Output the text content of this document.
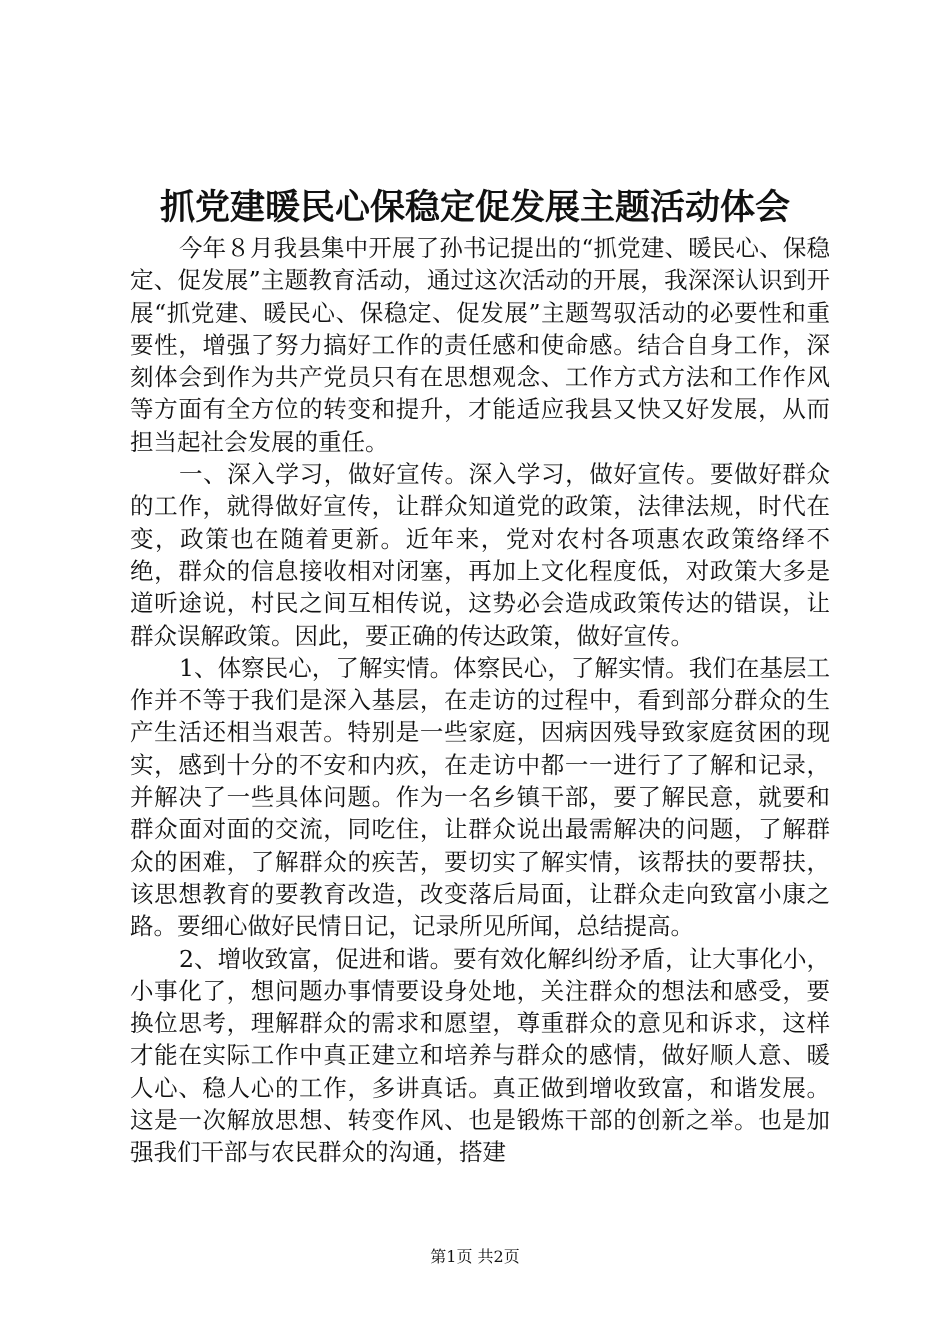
抓党建暖民心保稳定促发展主题活动体会

今年８月我县集中开展了孙书记提出的“抓党建、暖民心、保稳定、促发展”主题教育活动，通过这次活动的开展，我深深认识到开展“抓党建、暖民心、保稳定、促发展”主题驾驭活动的必要性和重要性，增强了努力搞好工作的责任感和使命感。结合自身工作，深刻体会到作为共产党员只有在思想观念、工作方式方法和工作作风等方面有全方位的转变和提升，才能适应我县又快又好发展，从而担当起社会发展的重任。

一、深入学习，做好宣传。深入学习，做好宣传。要做好群众的工作，就得做好宣传，让群众知道党的政策，法律法规，时代在变，政策也在随着更新。近年来，党对农村各项惠农政策络绎不绝，群众的信息接收相对闭塞，再加上文化程度低，对政策大多是道听途说，村民之间互相传说，这势必会造成政策传达的错误，让群众误解政策。因此，要正确的传达政策，做好宣传。

1、体察民心，了解实情。体察民心，了解实情。我们在基层工作并不等于我们是深入基层，在走访的过程中，看到部分群众的生产生活还相当艰苦。特别是一些家庭，因病因残导致家庭贫困的现实，感到十分的不安和内疚，在走访中都一一进行了了解和记录，并解决了一些具体问题。作为一名乡镇干部，要了解民意，就要和群众面对面的交流，同吃住，让群众说出最需解决的问题，了解群众的困难，了解群众的疾苦，要切实了解实情，该帮扶的要帮扶，该思想教育的要教育改造，改变落后局面，让群众走向致富小康之路。要细心做好民情日记，记录所见所闻，总结提高。

2、增收致富，促进和谐。要有效化解纠纷矛盾，让大事化小，小事化了，想问题办事情要设身处地，关注群众的想法和感受，要换位思考，理解群众的需求和愿望，尊重群众的意见和诉求，这样才能在实际工作中真正建立和培养与群众的感情，做好顺人意、暖人心、稳人心的工作，多讲真话。真正做到增收致富，和谐发展。这是一次解放思想、转变作风、也是锻炼干部的创新之举。也是加强我们干部与农民群众的沟通，搭建

第1页 共2页
